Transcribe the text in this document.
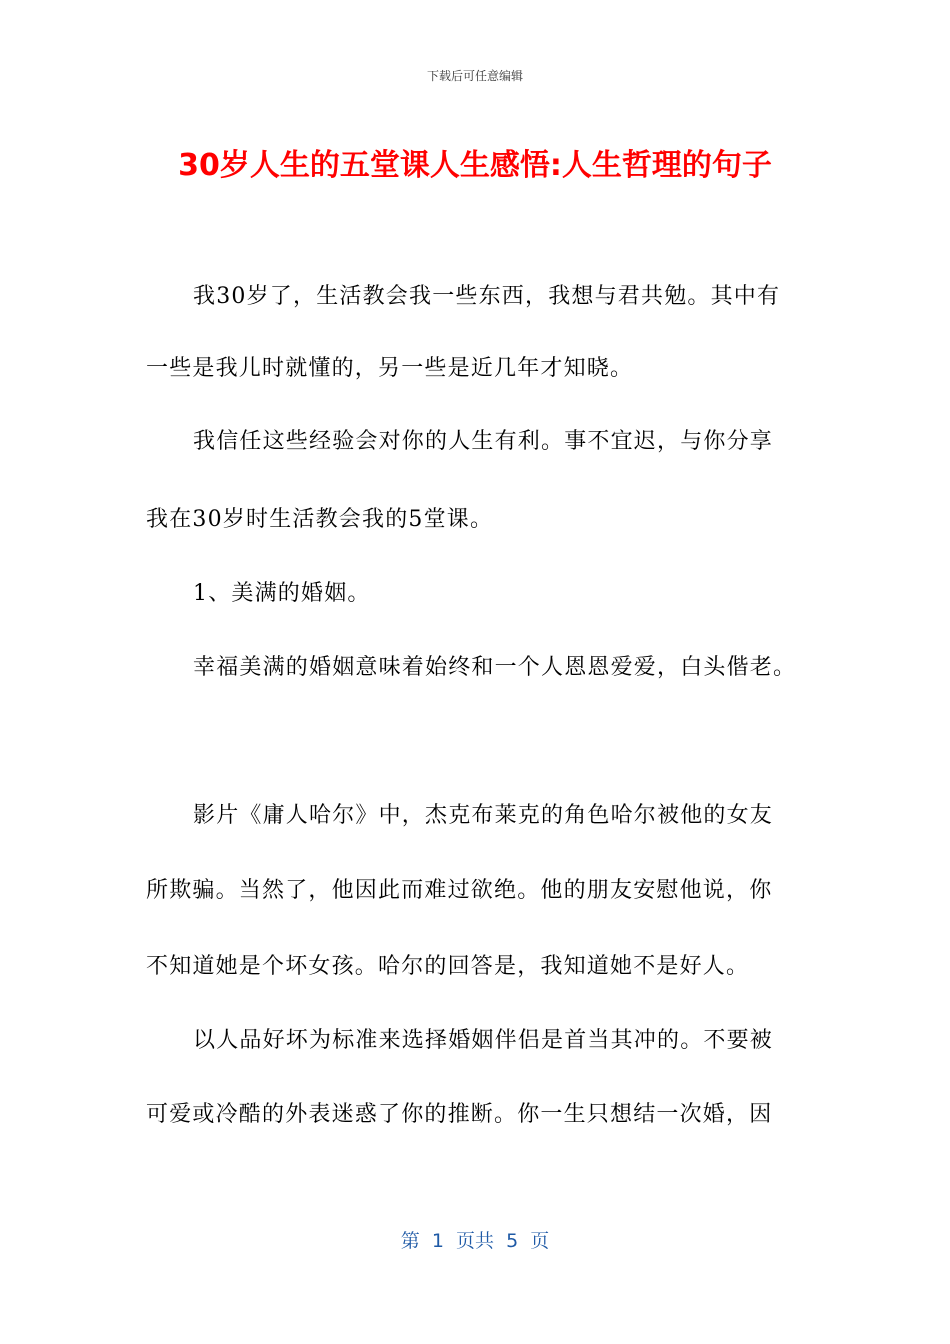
下载后可任意编辑
30岁人生的五堂课人生感悟:人生哲理的句子
我30岁了，生活教会我一些东西，我想与君共勉。其中有
一些是我儿时就懂的，另一些是近几年才知晓。
我信任这些经验会对你的人生有利。事不宜迟，与你分享
我在30岁时生活教会我的5堂课。
1、美满的婚姻。
幸福美满的婚姻意味着始终和一个人恩恩爱爱，白头偕老。
影片《庸人哈尔》中，杰克布莱克的角色哈尔被他的女友
所欺骗。当然了，他因此而难过欲绝。他的朋友安慰他说，你
不知道她是个坏女孩。哈尔的回答是，我知道她不是好人。
以人品好坏为标准来选择婚姻伴侣是首当其冲的。不要被
可爱或冷酷的外表迷惑了你的推断。你一生只想结一次婚，因
第  1  页共  5  页
